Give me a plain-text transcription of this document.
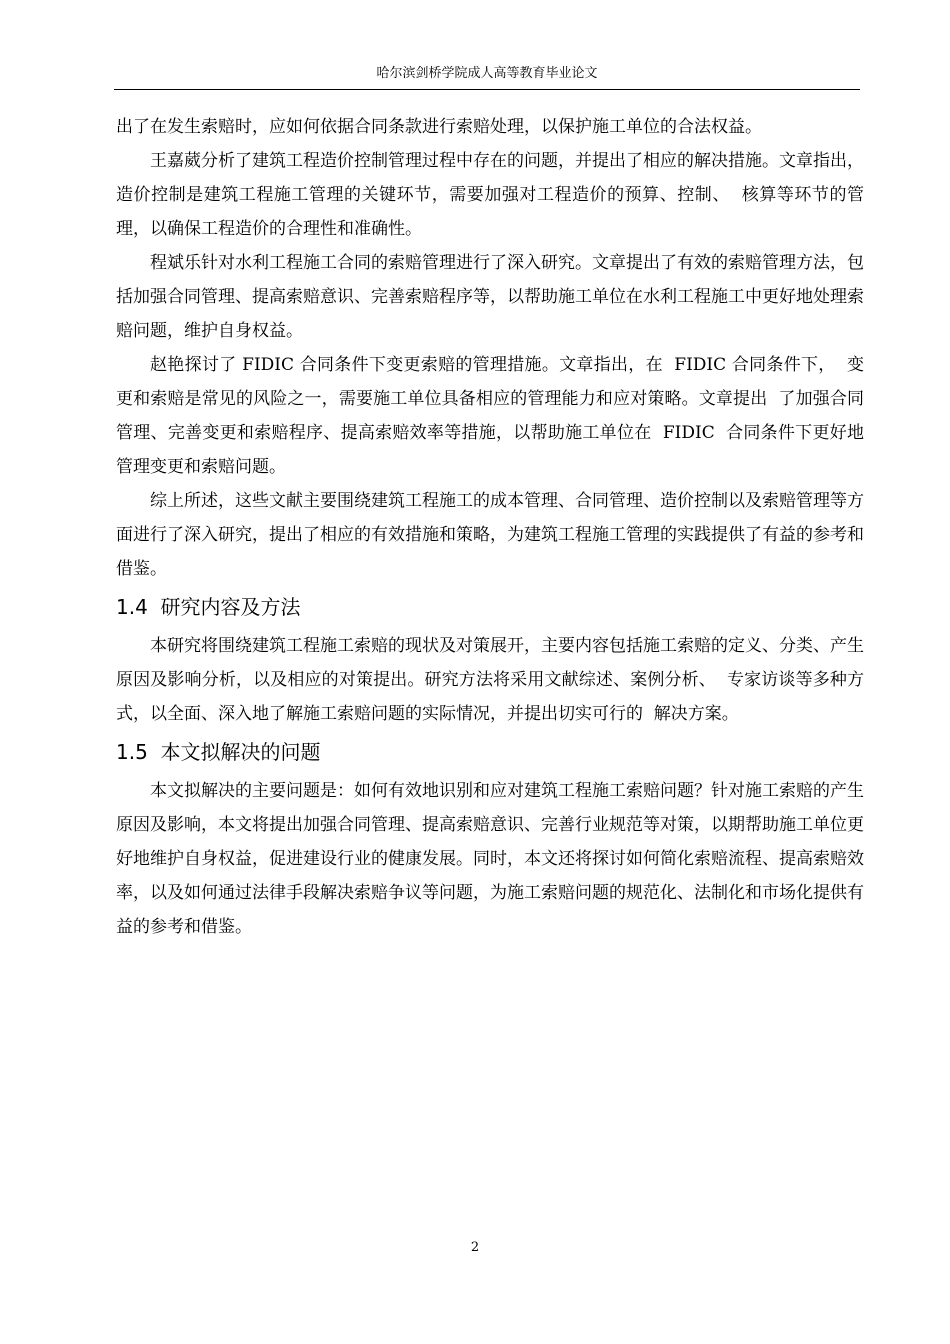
哈尔滨剑桥学院成人高等教育毕业论文

出了在发生索赔时，应如何依据合同条款进行索赔处理，以保护施工单位的合法权益。

王嘉葳分析了建筑工程造价控制管理过程中存在的问题，并提出了相应的解决措施。文章指出，造价控制是建筑工程施工管理的关键环节，需要加强对工程造价的预算、控制、  核算等环节的管理，以确保工程造价的合理性和准确性。

程斌乐针对水利工程施工合同的索赔管理进行了深入研究。文章提出了有效的索赔管理方法，包括加强合同管理、提高索赔意识、完善索赔程序等，以帮助施工单位在水利工程施工中更好地处理索赔问题，维护自身权益。

赵艳探讨了 FIDIC 合同条件下变更索赔的管理措施。文章指出，在  FIDIC 合同条件下，  变更和索赔是常见的风险之一，需要施工单位具备相应的管理能力和应对策略。文章提出  了加强合同管理、完善变更和索赔程序、提高索赔效率等措施，以帮助施工单位在  FIDIC  合同条件下更好地管理变更和索赔问题。

综上所述，这些文献主要围绕建筑工程施工的成本管理、合同管理、造价控制以及索赔管理等方面进行了深入研究，提出了相应的有效措施和策略，为建筑工程施工管理的实践提供了有益的参考和借鉴。

1.4  研究内容及方法

本研究将围绕建筑工程施工索赔的现状及对策展开，主要内容包括施工索赔的定义、分类、产生原因及影响分析，以及相应的对策提出。研究方法将采用文献综述、案例分析、  专家访谈等多种方式，以全面、深入地了解施工索赔问题的实际情况，并提出切实可行的  解决方案。

1.5  本文拟解决的问题

本文拟解决的主要问题是：如何有效地识别和应对建筑工程施工索赔问题？针对施工索赔的产生原因及影响，本文将提出加强合同管理、提高索赔意识、完善行业规范等对策，以期帮助施工单位更好地维护自身权益，促进建设行业的健康发展。同时，本文还将探讨如何简化索赔流程、提高索赔效率，以及如何通过法律手段解决索赔争议等问题，为施工索赔问题的规范化、法制化和市场化提供有益的参考和借鉴。

2
